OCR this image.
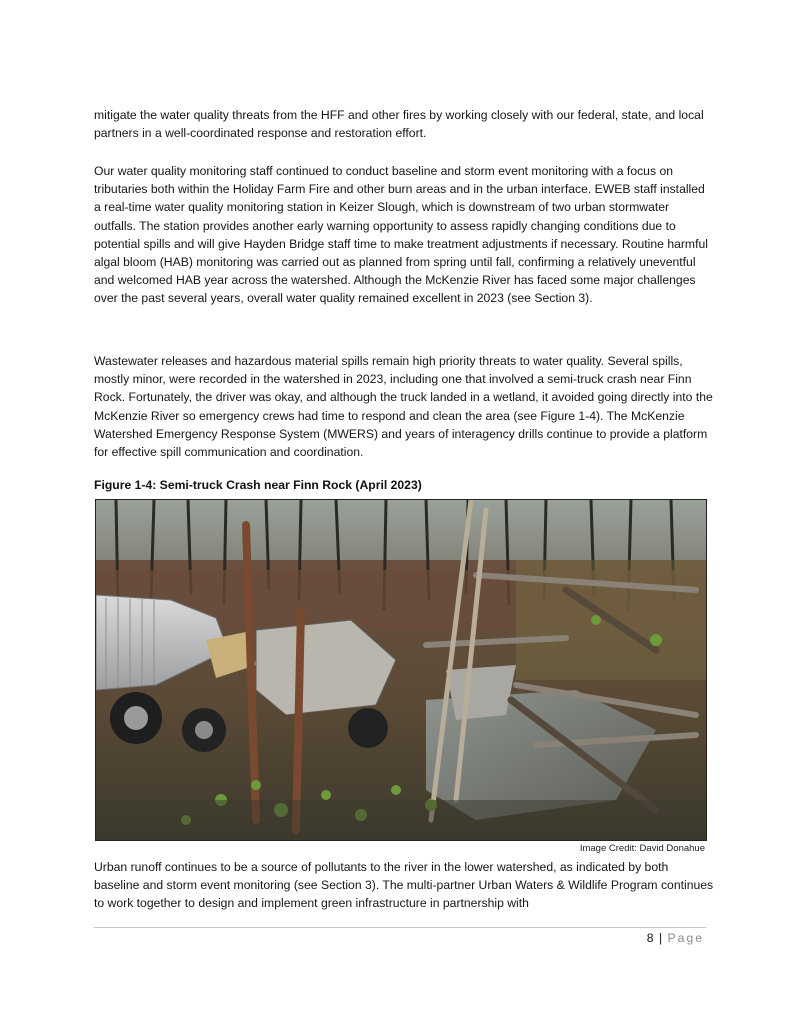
mitigate the water quality threats from the HFF and other fires by working closely with our federal, state, and local partners in a well-coordinated response and restoration effort.
Our water quality monitoring staff continued to conduct baseline and storm event monitoring with a focus on tributaries both within the Holiday Farm Fire and other burn areas and in the urban interface. EWEB staff installed a real-time water quality monitoring station in Keizer Slough, which is downstream of two urban stormwater outfalls. The station provides another early warning opportunity to assess rapidly changing conditions due to potential spills and will give Hayden Bridge staff time to make treatment adjustments if necessary. Routine harmful algal bloom (HAB) monitoring was carried out as planned from spring until fall, confirming a relatively uneventful and welcomed HAB year across the watershed. Although the McKenzie River has faced some major challenges over the past several years, overall water quality remained excellent in 2023 (see Section 3).
Wastewater releases and hazardous material spills remain high priority threats to water quality. Several spills, mostly minor, were recorded in the watershed in 2023, including one that involved a semi-truck crash near Finn Rock. Fortunately, the driver was okay, and although the truck landed in a wetland, it avoided going directly into the McKenzie River so emergency crews had time to respond and clean the area (see Figure 1-4). The McKenzie Watershed Emergency Response System (MWERS) and years of interagency drills continue to provide a platform for effective spill communication and coordination.
Figure 1-4: Semi-truck Crash near Finn Rock (April 2023)
Image Credit: David Donahue
Urban runoff continues to be a source of pollutants to the river in the lower watershed, as indicated by both baseline and storm event monitoring (see Section 3). The multi-partner Urban Waters & Wildlife Program continues to work together to design and implement green infrastructure in partnership with
8 | Page
